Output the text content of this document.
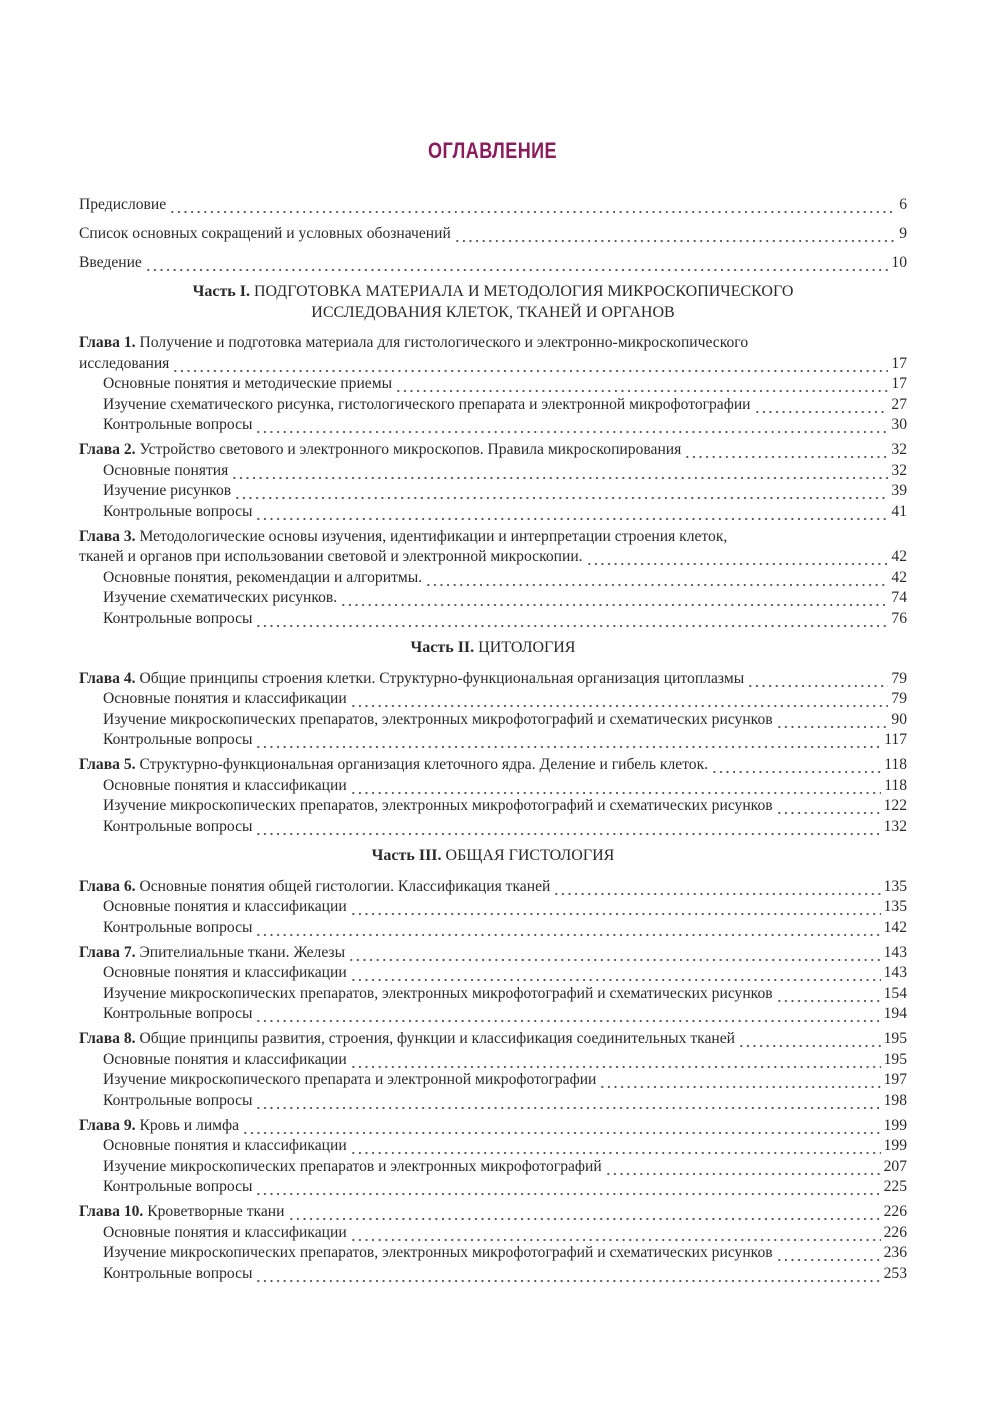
ОГЛАВЛЕНИЕ
Предисловие	6
Список основных сокращений и условных обозначений	9
Введение	10
Часть I. ПОДГОТОВКА МАТЕРИАЛА И МЕТОДОЛОГИЯ МИКРОСКОПИЧЕСКОГО
ИССЛЕДОВАНИЯ КЛЕТОК, ТКАНЕЙ И ОРГАНОВ
Глава 1. Получение и подготовка материала для гистологического и электронно-микроскопического
исследования	17
Основные понятия и методические приемы	17
Изучение схематического рисунка, гистологического препарата и электронной микрофотографии	27
Контрольные вопросы	30
Глава 2. Устройство светового и электронного микроскопов. Правила микроскопирования	32
Основные понятия	32
Изучение рисунков	39
Контрольные вопросы	41
Глава 3. Методологические основы изучения, идентификации и интерпретации строения клеток,
тканей и органов при использовании световой и электронной микроскопии.	42
Основные понятия, рекомендации и алгоритмы.	42
Изучение схематических рисунков.	74
Контрольные вопросы	76
Часть II. ЦИТОЛОГИЯ
Глава 4. Общие принципы строения клетки. Структурно-функциональная организация цитоплазмы	79
Основные понятия и классификации	79
Изучение микроскопических препаратов, электронных микрофотографий и схематических рисунков	90
Контрольные вопросы	117
Глава 5. Структурно-функциональная организация клеточного ядра. Деление и гибель клеток.	118
Основные понятия и классификации	118
Изучение микроскопических препаратов, электронных микрофотографий и схематических рисунков	122
Контрольные вопросы	132
Часть III. ОБЩАЯ ГИСТОЛОГИЯ
Глава 6. Основные понятия общей гистологии. Классификация тканей	135
Основные понятия и классификации	135
Контрольные вопросы	142
Глава 7. Эпителиальные ткани. Железы	143
Основные понятия и классификации	143
Изучение микроскопических препаратов, электронных микрофотографий и схематических рисунков	154
Контрольные вопросы	194
Глава 8. Общие принципы развития, строения, функции и классификация соединительных тканей	195
Основные понятия и классификации	195
Изучение микроскопического препарата и электронной микрофотографии	197
Контрольные вопросы	198
Глава 9. Кровь и лимфа	199
Основные понятия и классификации	199
Изучение микроскопических препаратов и электронных микрофотографий	207
Контрольные вопросы	225
Глава 10. Кроветворные ткани	226
Основные понятия и классификации	226
Изучение микроскопических препаратов, электронных микрофотографий и схематических рисунков	236
Контрольные вопросы	253
